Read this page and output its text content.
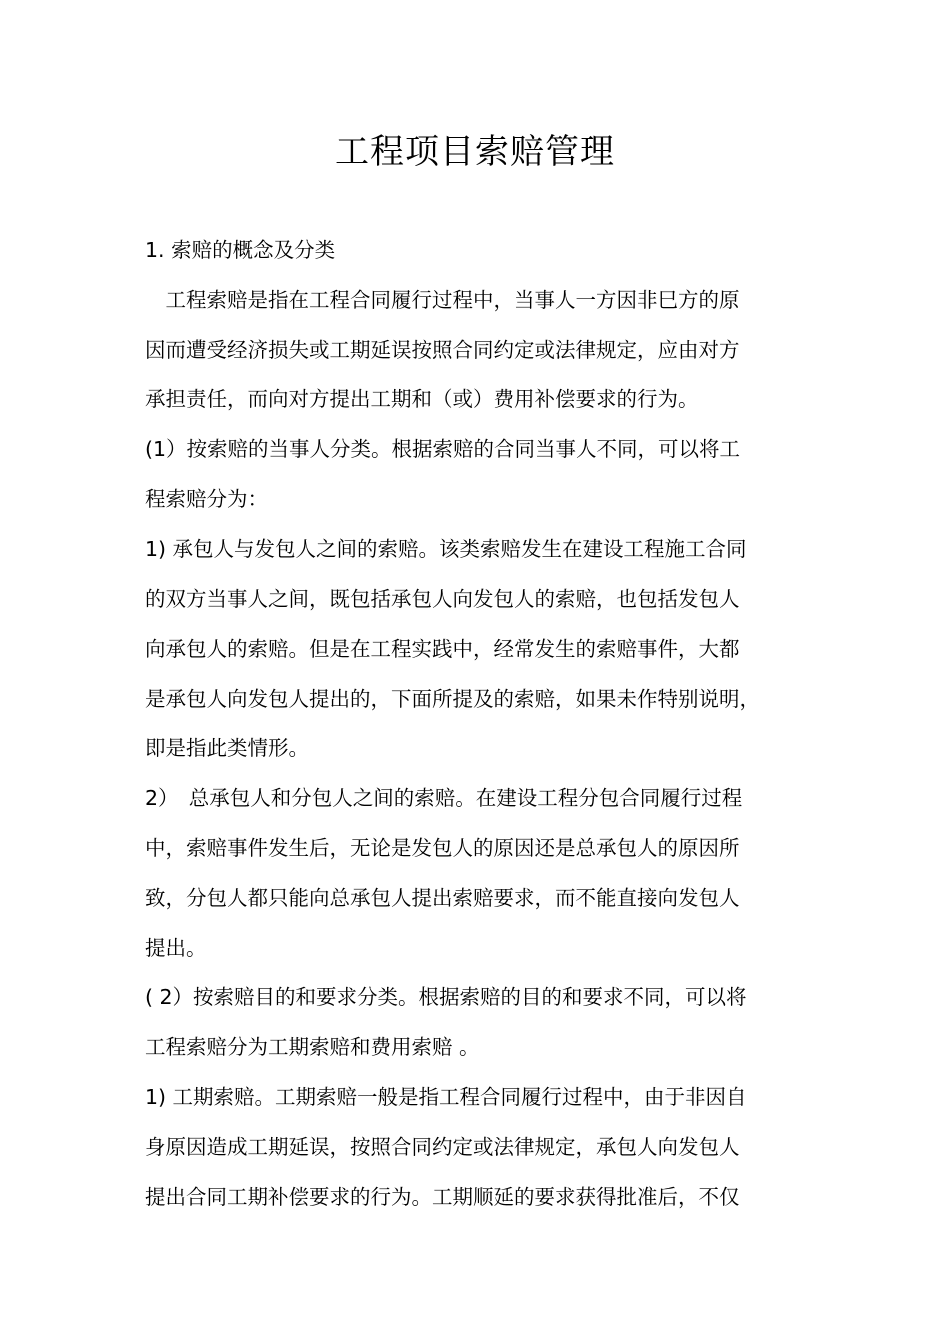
工程项目索赔管理
1. 索赔的概念及分类
　工程索赔是指在工程合同履行过程中，当事人一方因非巳方的原
因而遭受经济损失或工期延误按照合同约定或法律规定，应由对方
承担责任，而向对方提出工期和（或）费用补偿要求的行为。
(1）按索赔的当事人分类。根据索赔的合同当事人不同，可以将工
程索赔分为：
1) 承包人与发包人之间的索赔。该类索赔发生在建设工程施工合同
的双方当事人之间，既包括承包人向发包人的索赔，也包括发包人
向承包人的索赔。但是在工程实践中，经常发生的索赔事件，大都
是承包人向发包人提出的，下面所提及的索赔，如果未作特别说明，
即是指此类情形。
2）　总承包人和分包人之间的索赔。在建设工程分包合同履行过程
中，索赔事件发生后，无论是发包人的原因还是总承包人的原因所
致，分包人都只能向总承包人提出索赔要求，而不能直接向发包人
提出。
( 2）按索赔目的和要求分类。根据索赔的目的和要求不同，可以将
工程索赔分为工期索赔和费用索赔 。
1) 工期索赔。工期索赔一般是指工程合同履行过程中，由于非因自
身原因造成工期延误，按照合同约定或法律规定，承包人向发包人
提出合同工期补偿要求的行为。工期顺延的要求获得批准后，不仅
